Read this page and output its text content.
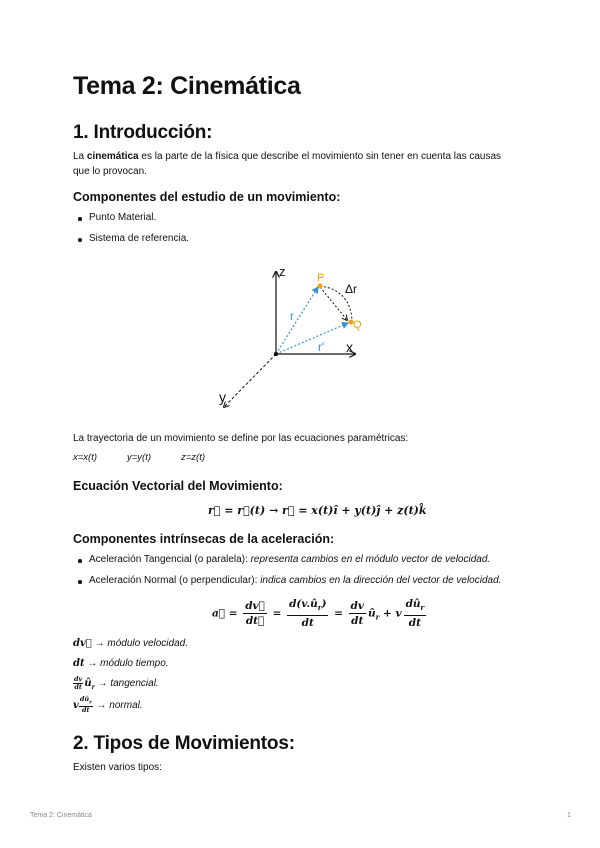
Tema 2: Cinemática
1. Introducción:

La cinemática es la parte de la física que describe el movimiento sin tener en cuenta las causas
que lo provocan.

Componentes del estudio de un movimiento:

Punto Material.

Sistema de referencia.

z
x
y
P
Q
Δr
r
r'

La trayectoria de un movimiento se define por las ecuaciones paramétricas:

x=x(t)	y=y(t)	z=z(t)
Ecuación Vectorial del Movimiento:
r⃗ = r⃗(t) → r⃗ = x(t)î + y(t)ĵ + z(t)k̂
Componentes intrínsecas de la aceleración:

Aceleración Tangencial (o paralela): representa cambios en el módulo vector de velocidad.

Aceleración Normal (o perpendicular): indica cambios en la dirección del vector de velocidad.

a⃗ = $\frac{dv⃗}{dt⃗} = \frac{d(v.û_r)}{dt} = \frac{dv}{dt}$ $û_r + v \frac{dû_r}{dt}$
dv⃗ → módulo velocidad.
dt → módulo tiempo.
$\frac{dv}{dt}$ $û_r$ → tangencial.
v $\frac{dû_r}{dt}$ → normal.
2. Tipos de Movimientos:

Existen varios tipos:

Tema 2: Cinemática	1
